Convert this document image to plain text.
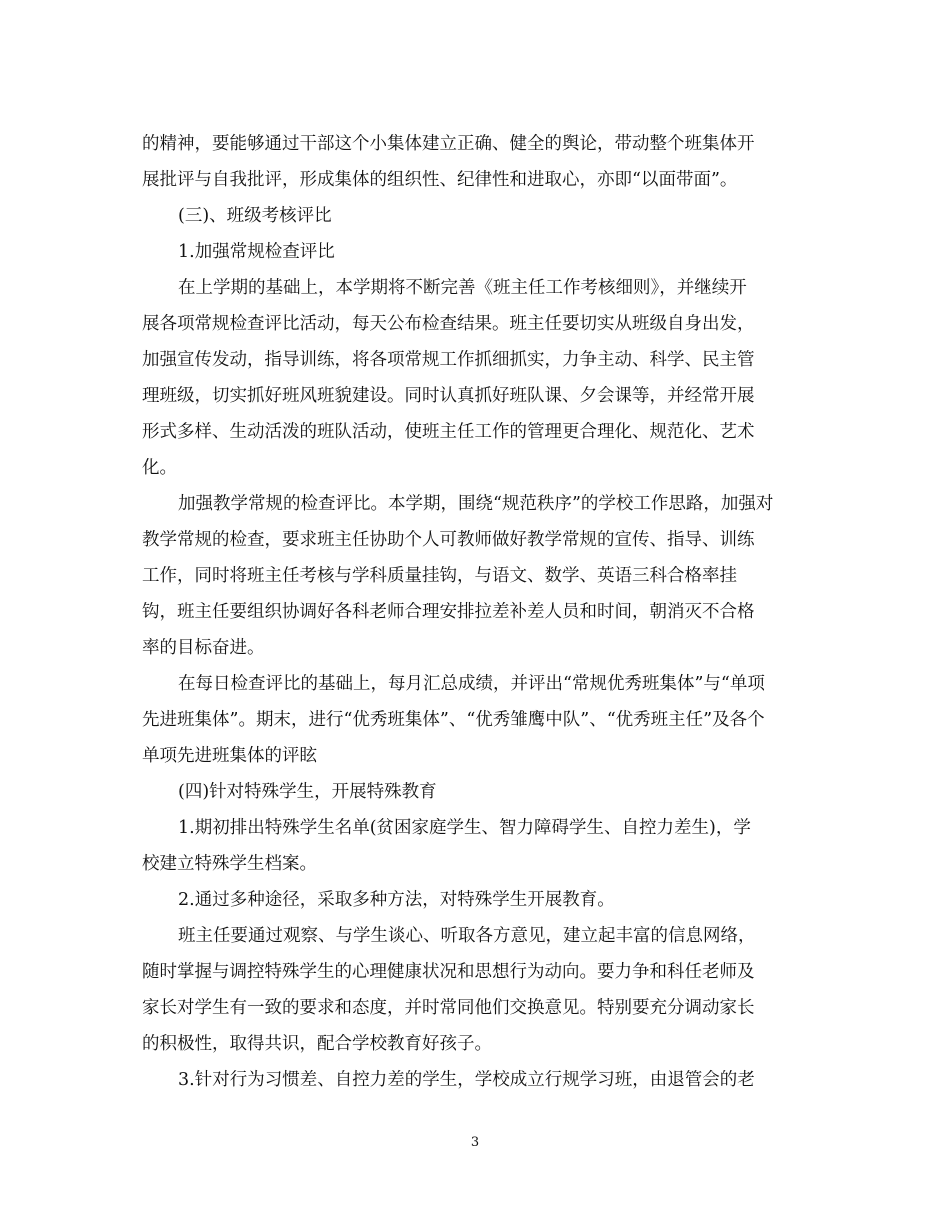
的精神，要能够通过干部这个小集体建立正确、健全的舆论，带动整个班集体开
展批评与自我批评，形成集体的组织性、纪律性和进取心，亦即“以面带面”。
(三)、班级考核评比
1.加强常规检查评比
在上学期的基础上，本学期将不断完善《班主任工作考核细则》，并继续开
展各项常规检查评比活动，每天公布检查结果。班主任要切实从班级自身出发，
加强宣传发动，指导训练，将各项常规工作抓细抓实，力争主动、科学、民主管
理班级，切实抓好班风班貌建设。同时认真抓好班队课、夕会课等，并经常开展
形式多样、生动活泼的班队活动，使班主任工作的管理更合理化、规范化、艺术
化。
加强教学常规的检查评比。本学期，围绕“规范秩序”的学校工作思路，加强对
教学常规的检查，要求班主任协助个人可教师做好教学常规的宣传、指导、训练
工作，同时将班主任考核与学科质量挂钩，与语文、数学、英语三科合格率挂
钩，班主任要组织协调好各科老师合理安排拉差补差人员和时间，朝消灭不合格
率的目标奋进。
在每日检查评比的基础上，每月汇总成绩，并评出“常规优秀班集体”与“单项
先进班集体”。期末，进行“优秀班集体”、“优秀雏鹰中队”、“优秀班主任”及各个
单项先进班集体的评眩
(四)针对特殊学生，开展特殊教育
1.期初排出特殊学生名单(贫困家庭学生、智力障碍学生、自控力差生)，学
校建立特殊学生档案。
2.通过多种途径，采取多种方法，对特殊学生开展教育。
班主任要通过观察、与学生谈心、听取各方意见，建立起丰富的信息网络，
随时掌握与调控特殊学生的心理健康状况和思想行为动向。要力争和科任老师及
家长对学生有一致的要求和态度，并时常同他们交换意见。特别要充分调动家长
的积极性，取得共识，配合学校教育好孩子。
3.针对行为习惯差、自控力差的学生，学校成立行规学习班，由退管会的老
3
